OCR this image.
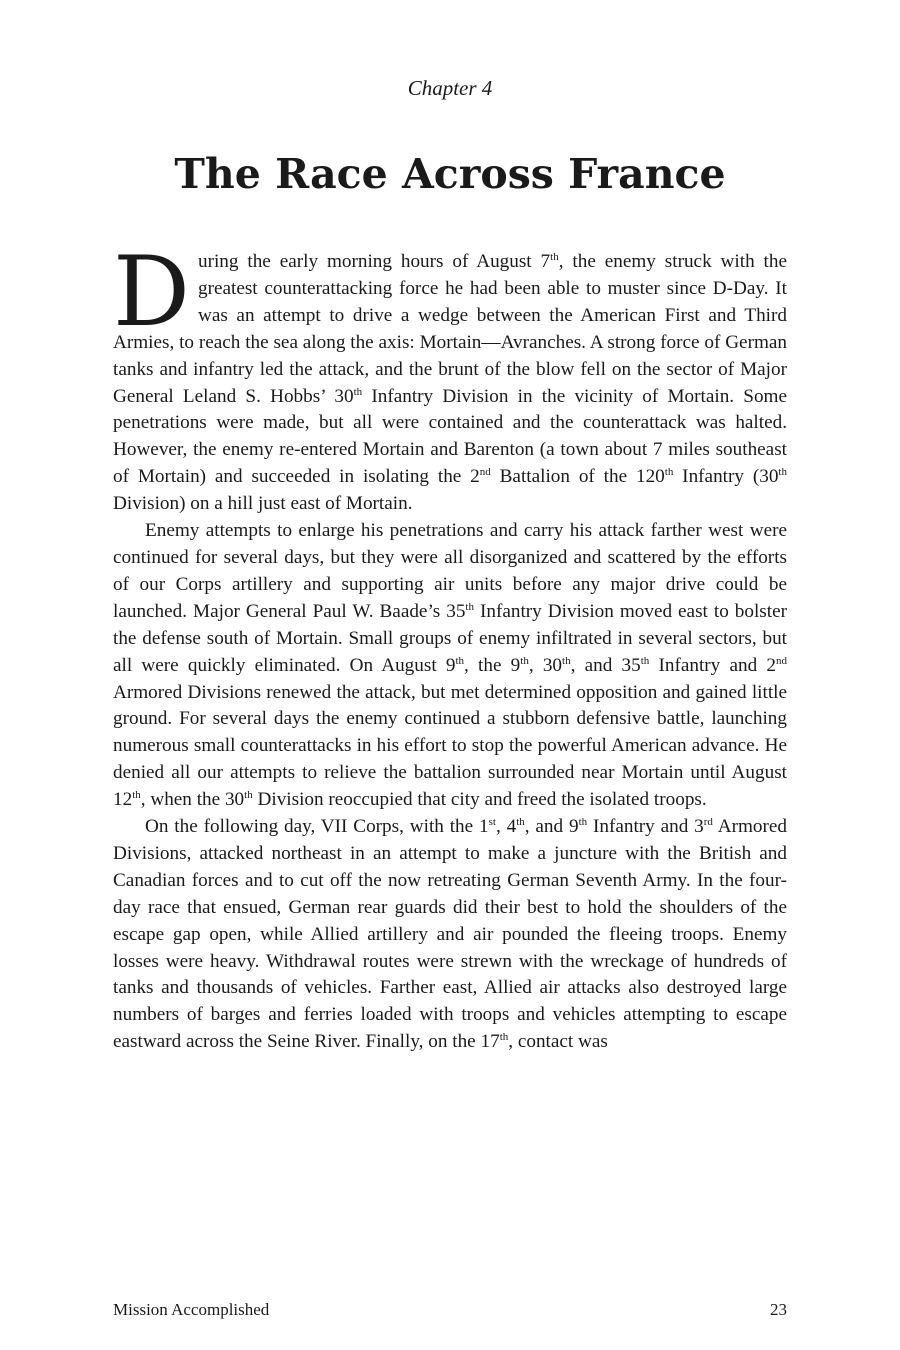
Chapter 4
The Race Across France

During the early morning hours of August 7th, the enemy struck with the greatest counterattacking force he had been able to muster since D-Day. It was an attempt to drive a wedge between the American First and Third Armies, to reach the sea along the axis: Mortain—Avranches. A strong force of German tanks and infantry led the attack, and the brunt of the blow fell on the sector of Major General Leland S. Hobbs’ 30th Infantry Division in the vicinity of Mortain. Some penetrations were made, but all were contained and the counterattack was halted. However, the enemy re-entered Mortain and Barenton (a town about 7 miles southeast of Mortain) and succeeded in isolating the 2nd Battalion of the 120th Infantry (30th Division) on a hill just east of Mortain.

Enemy attempts to enlarge his penetrations and carry his attack farther west were continued for several days, but they were all disorganized and scattered by the efforts of our Corps artillery and supporting air units before any major drive could be launched. Major General Paul W. Baade’s 35th Infantry Division moved east to bolster the defense south of Mortain. Small groups of enemy infiltrated in several sectors, but all were quickly eliminated. On August 9th, the 9th, 30th, and 35th Infantry and 2nd Armored Divisions renewed the attack, but met determined opposition and gained little ground. For several days the enemy continued a stubborn defensive battle, launching numerous small counterattacks in his effort to stop the powerful American advance. He denied all our attempts to relieve the battalion surrounded near Mortain until August 12th, when the 30th Division reoccupied that city and freed the isolated troops.

On the following day, VII Corps, with the 1st, 4th, and 9th Infantry and 3rd Armored Divisions, attacked northeast in an attempt to make a juncture with the British and Canadian forces and to cut off the now retreating German Seventh Army. In the four-day race that ensued, German rear guards did their best to hold the shoulders of the escape gap open, while Allied artillery and air pounded the fleeing troops. Enemy losses were heavy. Withdrawal routes were strewn with the wreckage of hundreds of tanks and thousands of vehicles. Farther east, Allied air attacks also destroyed large numbers of barges and ferries loaded with troops and vehicles attempting to escape eastward across the Seine River. Finally, on the 17th, contact was

Mission Accomplished	23
